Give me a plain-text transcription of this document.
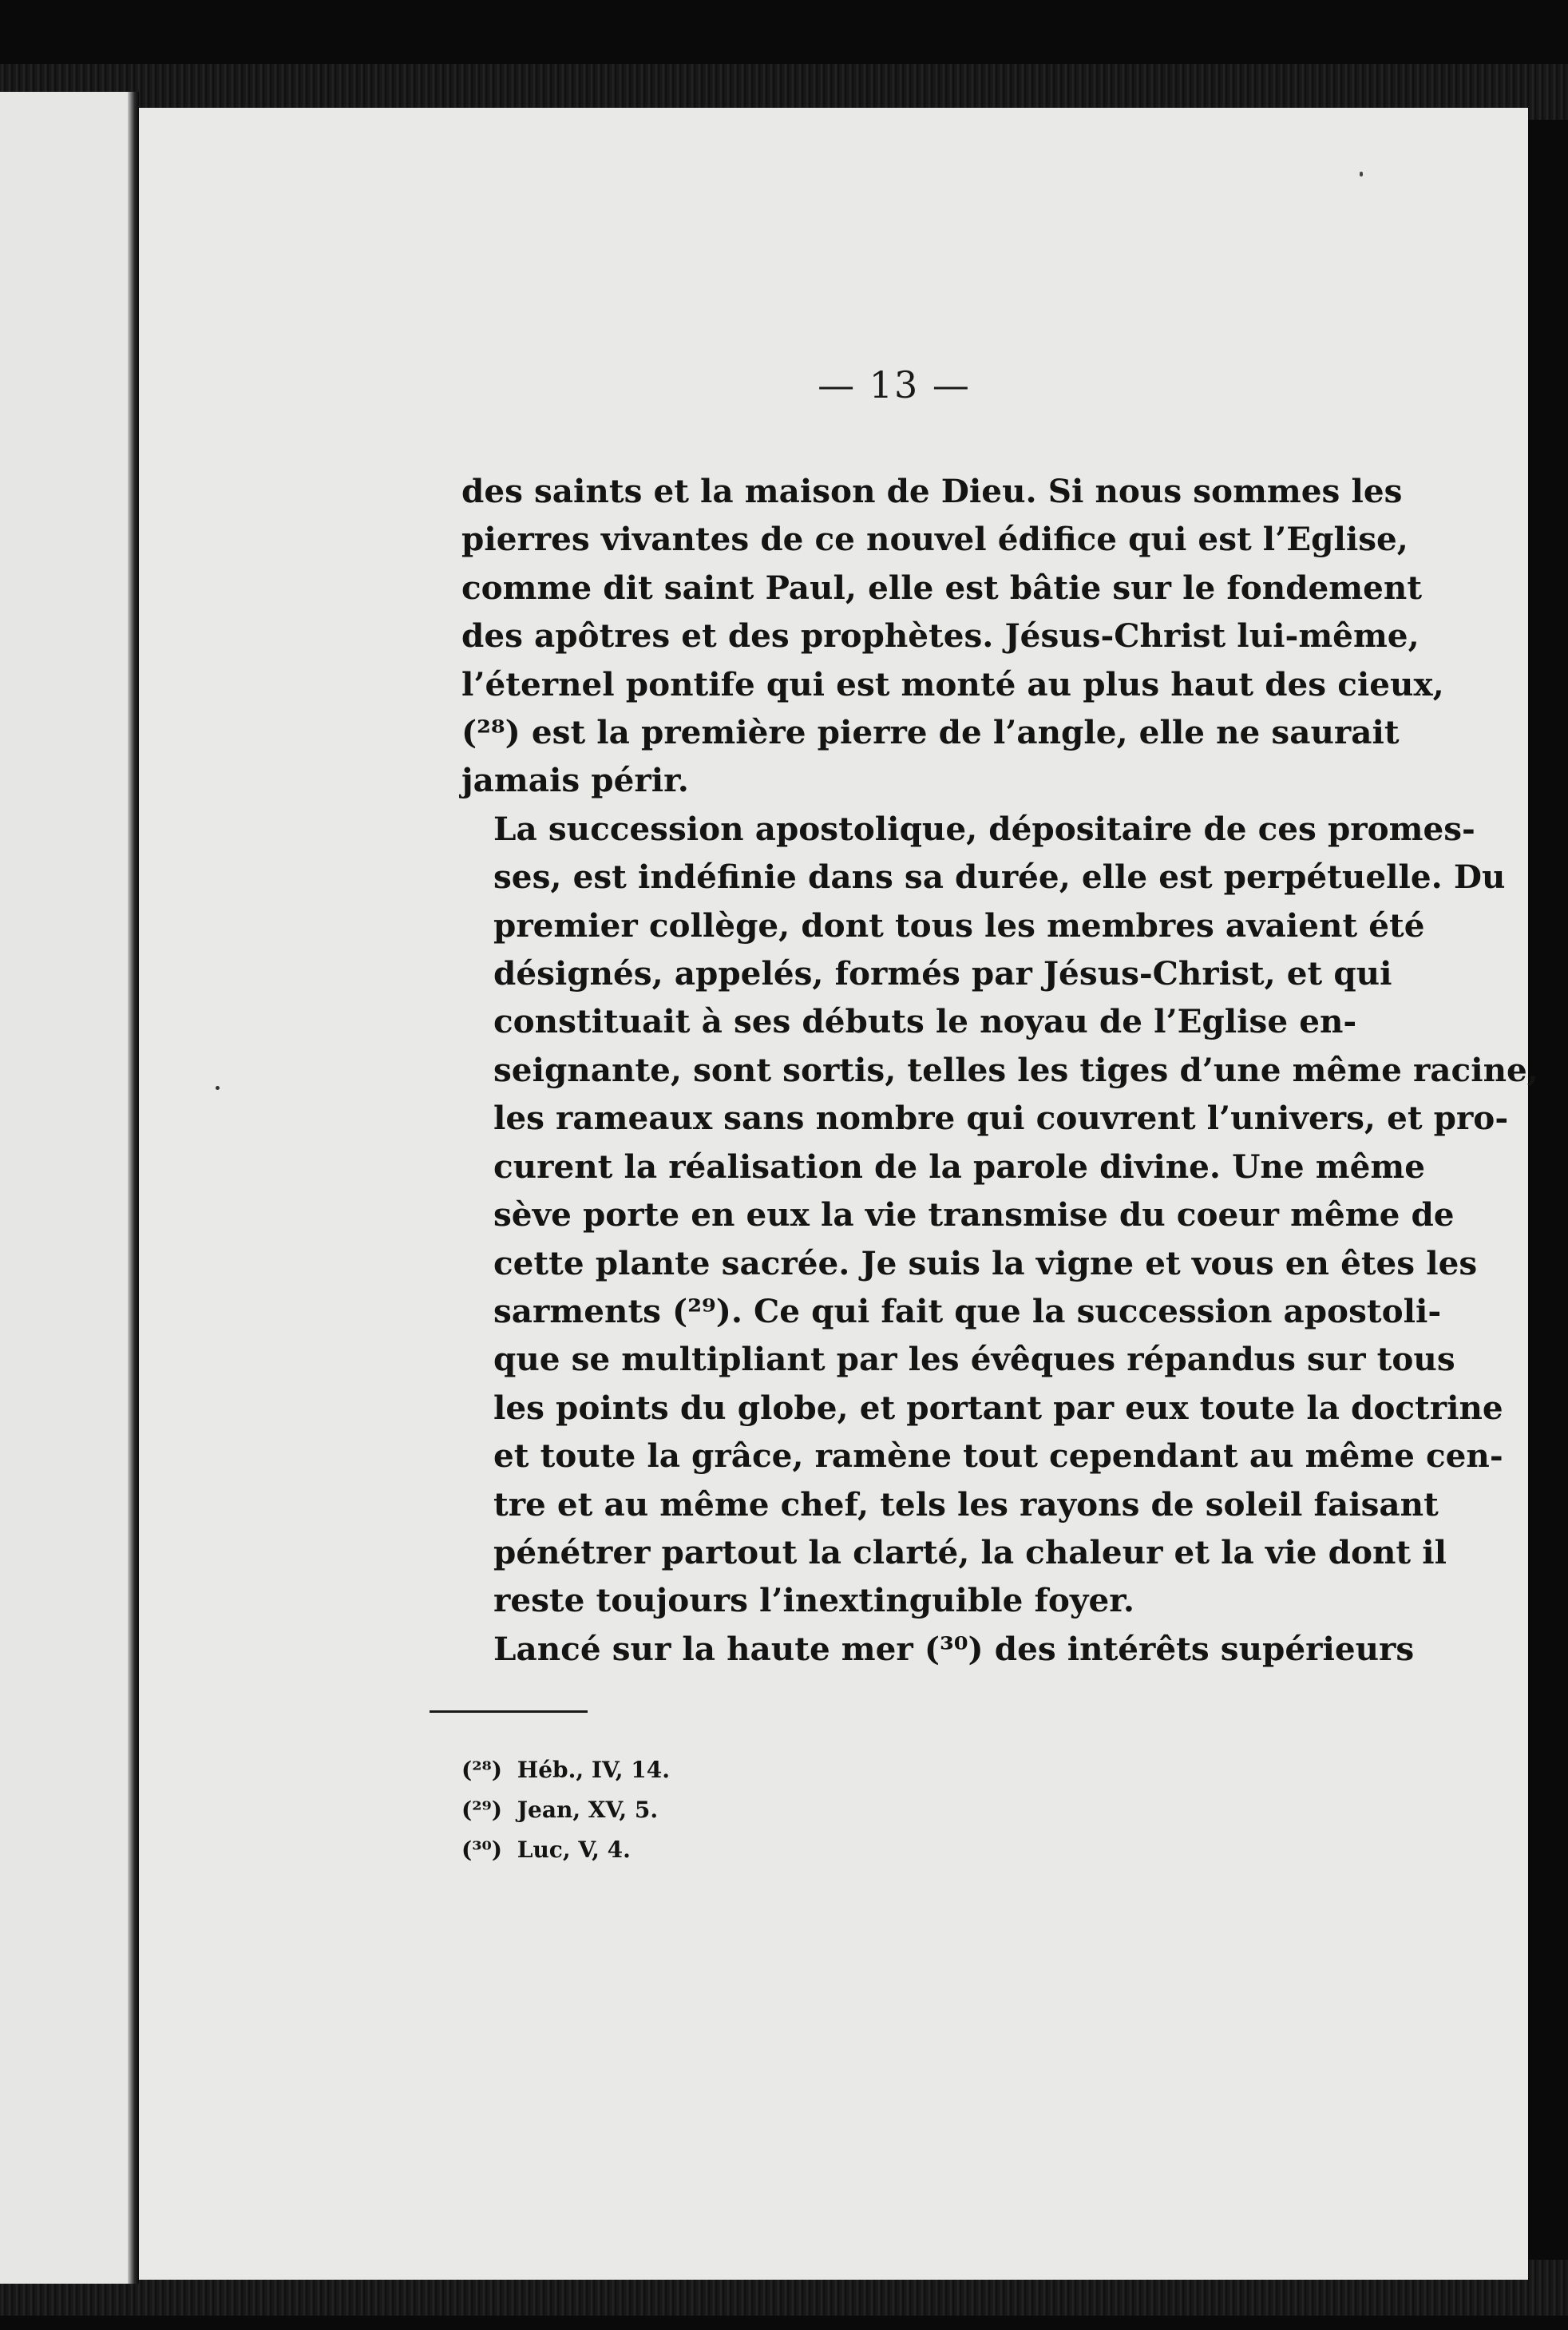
— 13 —

des saints et la maison de Dieu. Si nous sommes les
pierres vivantes de ce nouvel édifice qui est l’Eglise,
comme dit saint Paul, elle est bâtie sur le fondement
des apôtres et des prophètes. Jésus-Christ lui-même,
l’éternel pontife qui est monté au plus haut des cieux,
(²⁸) est la première pierre de l’angle, elle ne saurait
jamais périr.

La succession apostolique, dépositaire de ces promes-
ses, est indéfinie dans sa durée, elle est perpétuelle. Du
premier collège, dont tous les membres avaient été
désignés, appelés, formés par Jésus-Christ, et qui
constituait à ses débuts le noyau de l’Eglise en-
seignante, sont sortis, telles les tiges d’une même racine,
les rameaux sans nombre qui couvrent l’univers, et pro-
curent la réalisation de la parole divine. Une même
sève porte en eux la vie transmise du coeur même de
cette plante sacrée. Je suis la vigne et vous en êtes les
sarments (²⁹). Ce qui fait que la succession apostoli-
que se multipliant par les évêques répandus sur tous
les points du globe, et portant par eux toute la doctrine
et toute la grâce, ramène tout cependant au même cen-
tre et au même chef, tels les rayons de soleil faisant
pénétrer partout la clarté, la chaleur et la vie dont il
reste toujours l’inextinguible foyer.

Lancé sur la haute mer (³⁰) des intérêts supérieurs

(²⁸) Héb., IV, 14.
(²⁹) Jean, XV, 5.
(³⁰) Luc, V, 4.
